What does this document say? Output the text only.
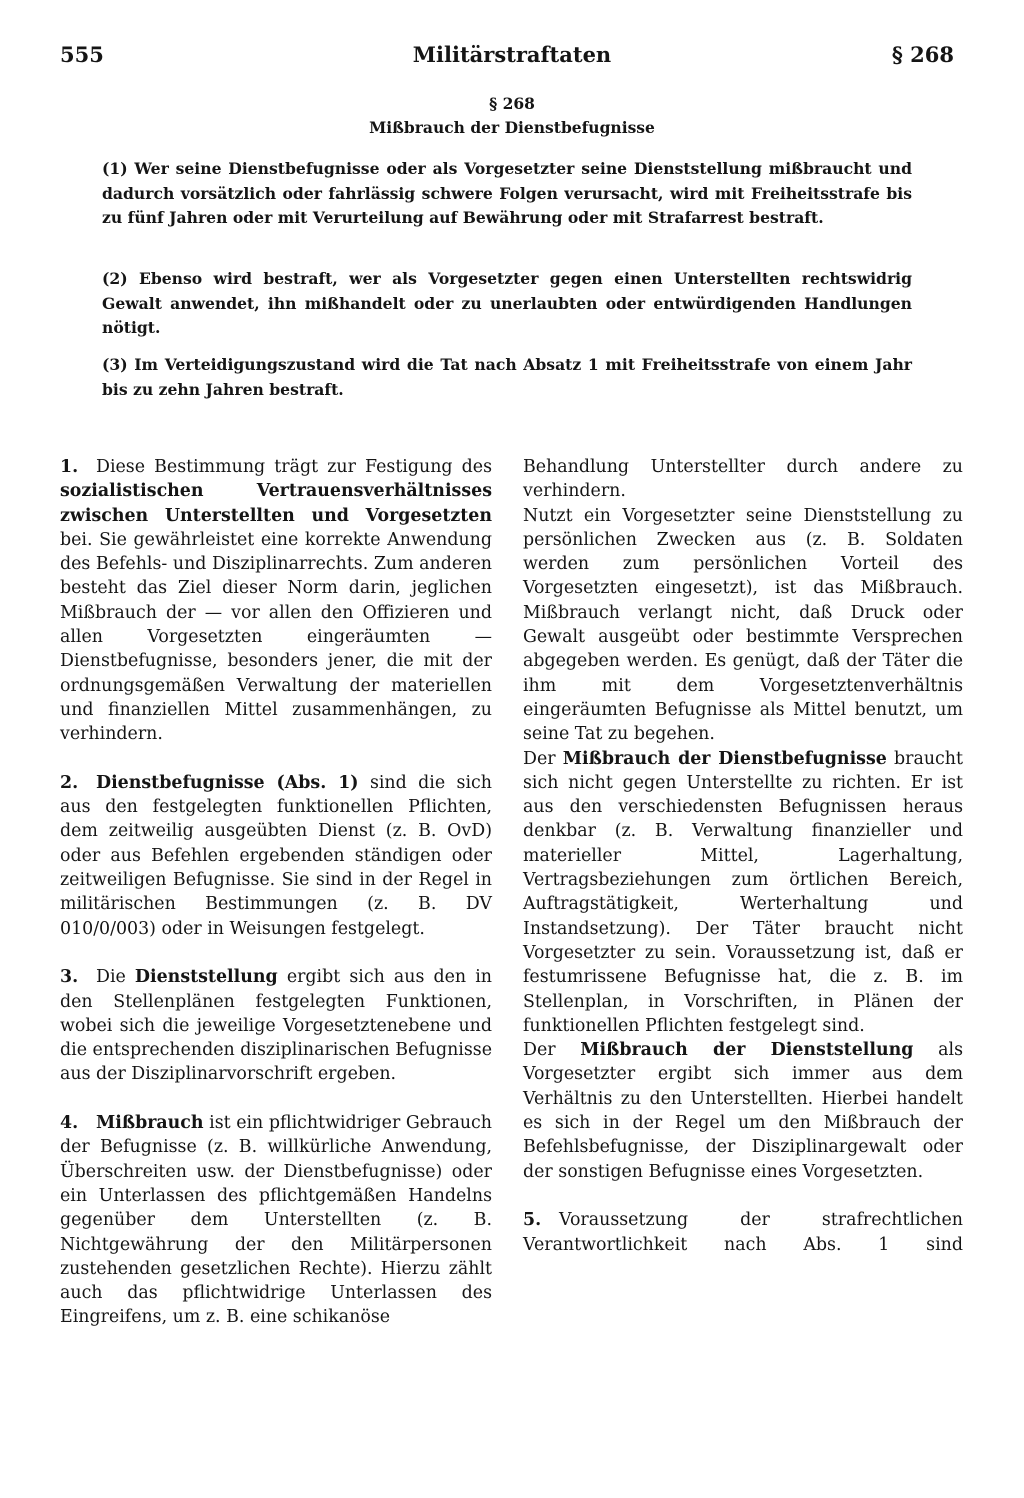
555	Militärstraftaten	§ 268
§ 268
Mißbrauch der Dienstbefugnisse

(1) Wer seine Dienstbefugnisse oder als Vorgesetzter seine Dienststellung mißbraucht und dadurch vorsätzlich oder fahrlässig schwere Folgen verursacht, wird mit Freiheitsstrafe bis zu fünf Jahren oder mit Verurteilung auf Bewährung oder mit Strafarrest bestraft.

(2) Ebenso wird bestraft, wer als Vorgesetzter gegen einen Unterstellten rechtswidrig Gewalt anwendet, ihn mißhandelt oder zu unerlaubten oder entwürdigenden Handlungen nötigt.

(3) Im Verteidigungszustand wird die Tat nach Absatz 1 mit Freiheitsstrafe von einem Jahr bis zu zehn Jahren bestraft.

1. Diese Bestimmung trägt zur Festigung des sozialistischen Vertrauensverhältnisses zwischen Unterstellten und Vorgesetzten bei. Sie gewährleistet eine korrekte Anwendung des Befehls- und Disziplinarrechts. Zum anderen besteht das Ziel dieser Norm darin, jeglichen Mißbrauch der — vor allen den Offizieren und allen Vorgesetzten eingeräumten — Dienstbefugnisse, besonders jener, die mit der ordnungsgemäßen Verwaltung der materiellen und finanziellen Mittel zusammenhängen, zu verhindern.

2. Dienstbefugnisse (Abs. 1) sind die sich aus den festgelegten funktionellen Pflichten, dem zeitweilig ausgeübten Dienst (z. B. OvD) oder aus Befehlen ergebenden ständigen oder zeitweiligen Befugnisse. Sie sind in der Regel in militärischen Bestimmungen (z. B. DV 010/0/003) oder in Weisungen festgelegt.

3. Die Dienststellung ergibt sich aus den in den Stellenplänen festgelegten Funktionen, wobei sich die jeweilige Vorgesetztenebene und die entsprechenden disziplinarischen Befugnisse aus der Disziplinarvorschrift ergeben.

4. Mißbrauch ist ein pflichtwidriger Gebrauch der Befugnisse (z. B. willkürliche Anwendung, Überschreiten usw. der Dienstbefugnisse) oder ein Unterlassen des pflichtgemäßen Handelns gegenüber dem Unterstellten (z. B. Nichtgewährung der den Militärpersonen zustehenden gesetzlichen Rechte). Hierzu zählt auch das pflichtwidrige Unterlassen des Eingreifens, um z. B. eine schikanöse

Behandlung Unterstellter durch andere zu verhindern.

Nutzt ein Vorgesetzter seine Dienststellung zu persönlichen Zwecken aus (z. B. Soldaten werden zum persönlichen Vorteil des Vorgesetzten eingesetzt), ist das Mißbrauch. Mißbrauch verlangt nicht, daß Druck oder Gewalt ausgeübt oder bestimmte Versprechen abgegeben werden. Es genügt, daß der Täter die ihm mit dem Vorgesetztenverhältnis eingeräumten Befugnisse als Mittel benutzt, um seine Tat zu begehen.

Der Mißbrauch der Dienstbefugnisse braucht sich nicht gegen Unterstellte zu richten. Er ist aus den verschiedensten Befugnissen heraus denkbar (z. B. Verwaltung finanzieller und materieller Mittel, Lagerhaltung, Vertragsbeziehungen zum örtlichen Bereich, Auftragstätigkeit, Werterhaltung und Instandsetzung). Der Täter braucht nicht Vorgesetzter zu sein. Voraussetzung ist, daß er festumrissene Befugnisse hat, die z. B. im Stellenplan, in Vorschriften, in Plänen der funktionellen Pflichten festgelegt sind.

Der Mißbrauch der Dienststellung als Vorgesetzter ergibt sich immer aus dem Verhältnis zu den Unterstellten. Hierbei handelt es sich in der Regel um den Mißbrauch der Befehlsbefugnisse, der Disziplinargewalt oder der sonstigen Befugnisse eines Vorgesetzten.

5. Voraussetzung der strafrechtlichen Verantwortlichkeit nach Abs. 1 sind
